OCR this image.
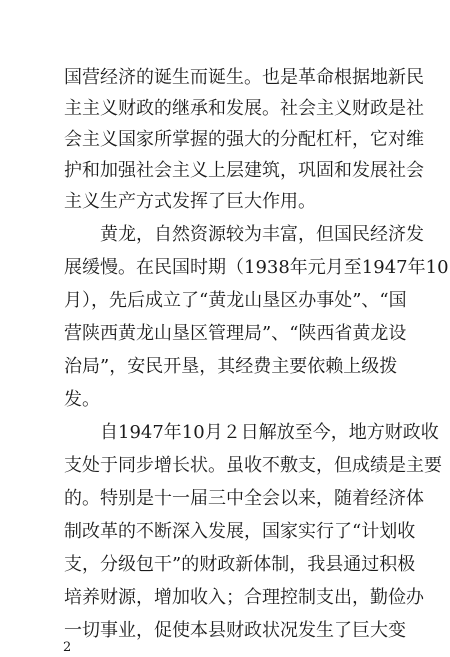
国营经济的诞生而诞生。也是革命根据地新民
主主义财政的继承和发展。社会主义财政是社
会主义国家所掌握的强大的分配杠杆，它对维
护和加强社会主义上层建筑，巩固和发展社会
主义生产方式发挥了巨大作用。
　　黄龙，自然资源较为丰富，但国民经济发
展缓慢。在民国时期（1938年元月至1947年10
月），先后成立了“黄龙山垦区办事处”、“国
营陕西黄龙山垦区管理局”、“陕西省黄龙设
治局”，安民开垦，其经费主要依赖上级拨
发。
　　自1947年10月２日解放至今，地方财政收
支处于同步增长状。虽收不敷支，但成绩是主要
的。特别是十一届三中全会以来，随着经济体
制改革的不断深入发展，国家实行了“计划收
支，分级包干”的财政新体制，我县通过积极
培养财源，增加收入；合理控制支出，勤俭办
一切事业，促使本县财政状况发生了巨大变
2
